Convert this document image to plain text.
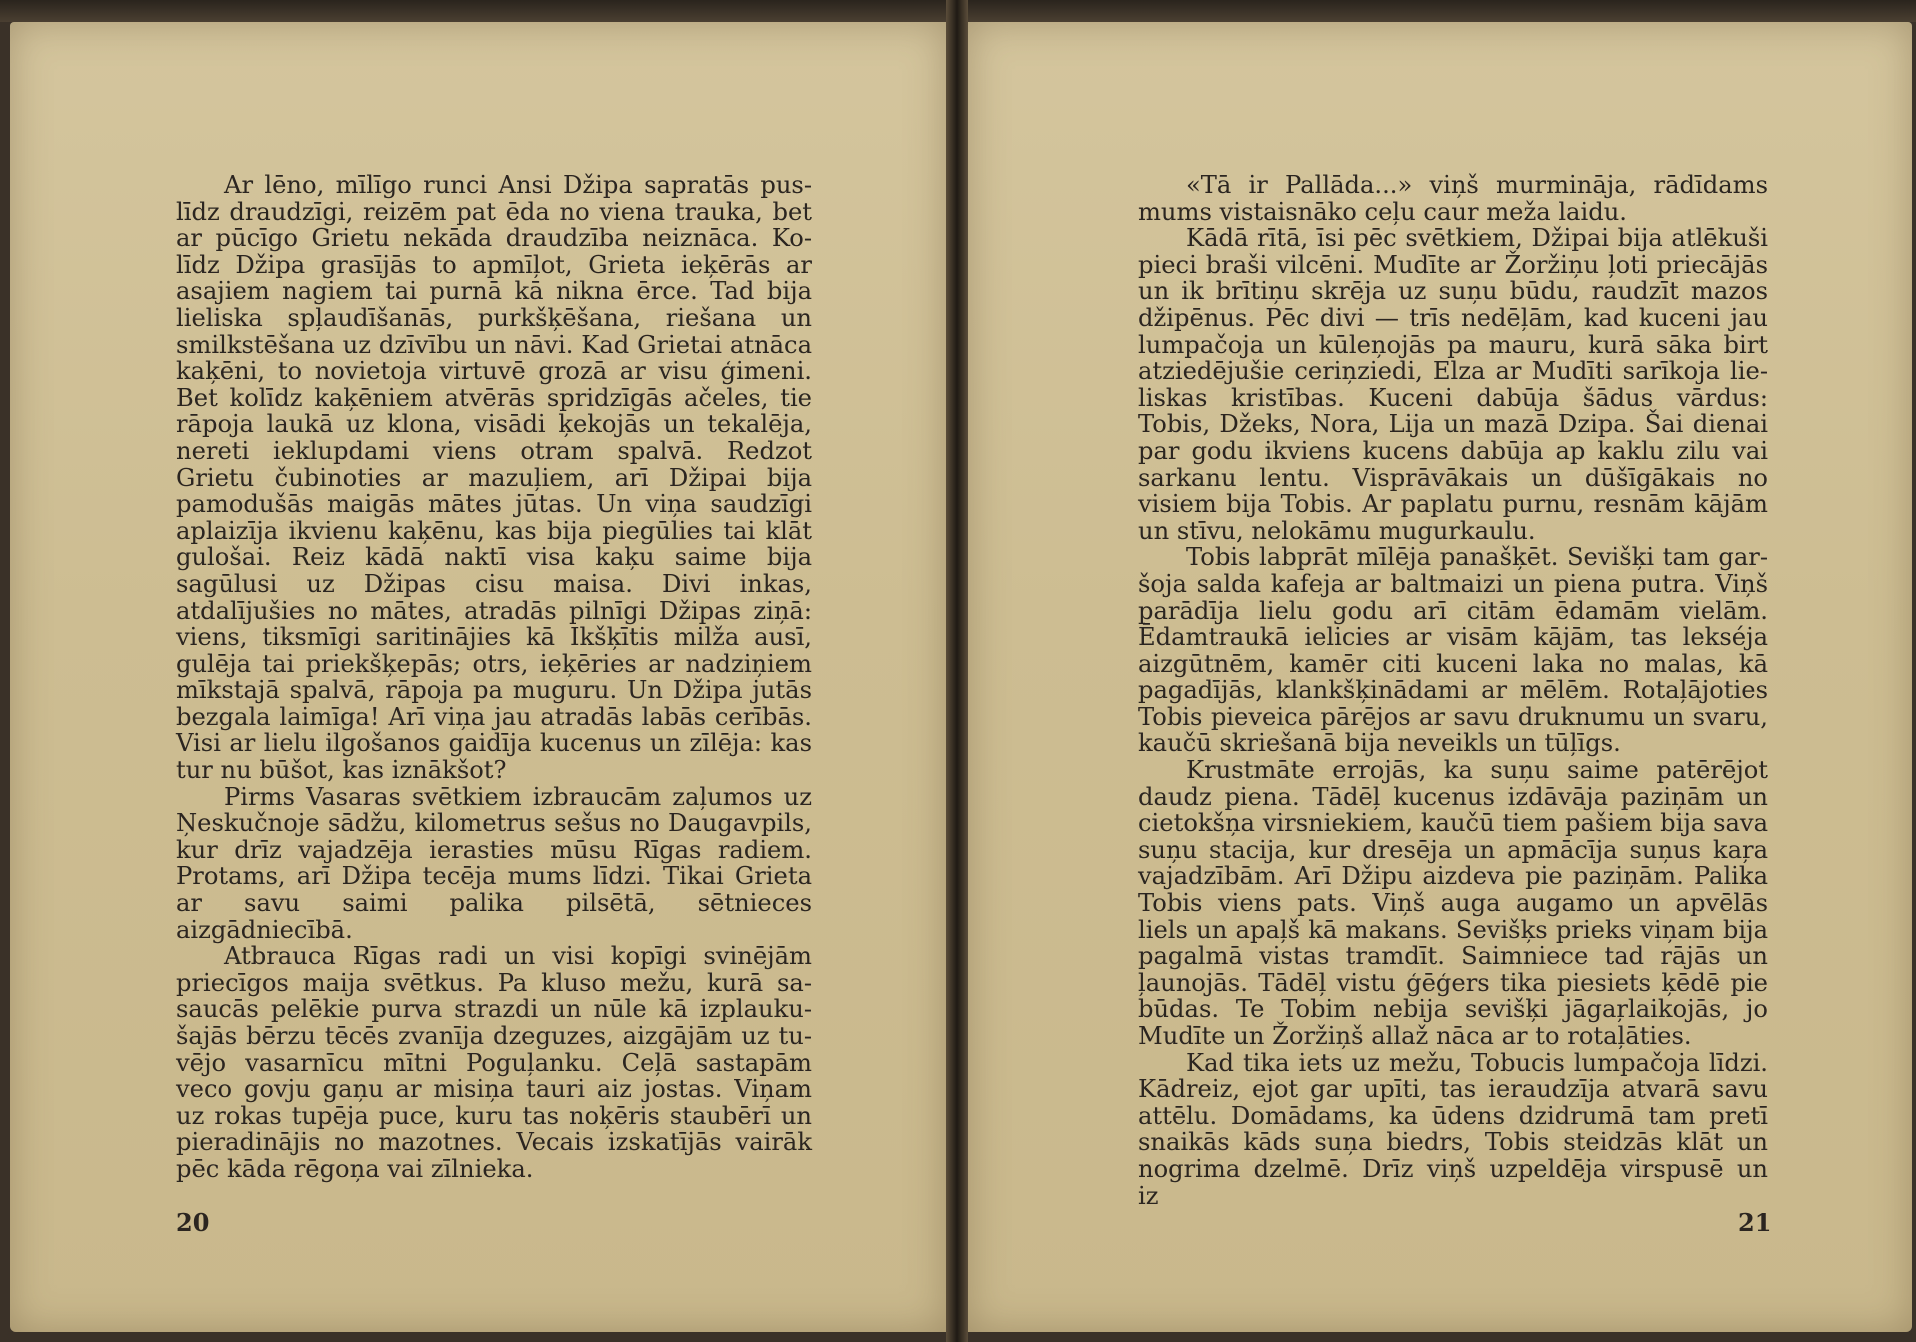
Ar lēno, mīlīgo runci Ansi Džipa sapratās puslīdz draudzīgi, reizēm pat ēda no viena trauka, bet ar pūcīgo Grietu nekāda draudzība neiznāca. Kolīdz Džipa grasījās to apmīļot, Grieta ieķērās ar asajiem nagiem tai purnā kā nikna ērce. Tad bija lieliska spļaudīšanās, purkšķēšana, riešana un smilkstēšana uz dzīvību un nāvi. Kad Grietai atnāca kaķēni, to novietoja virtuvē grozā ar visu ģimeni. Bet kolīdz kaķēniem atvērās spridzīgās ačeles, tie rāpoja laukā uz klona, visādi ķekojās un tekalēja, nereti ieklupdami viens otram spalvā. Redzot Grietu čubinoties ar mazuļiem, arī Džipai bija pamodušās maigās mātes jūtas. Un viņa saudzīgi aplaizīja ikvienu kaķēnu, kas bija piegūlies tai klāt gulošai. Reiz kādā naktī visa kaķu saime bija sagūlusi uz Džipas cisu maisa. Divi inkas, atdalījušies no mātes, atradās pilnīgi Džipas ziņā: viens, tiksmīgi saritinājies kā Ikšķītis milža ausī, gulēja tai priekšķepās; otrs, ieķēries ar nadziņiem mīkstajā spalvā, rāpoja pa muguru. Un Džipa jutās bezgala laimīga! Arī viņa jau atradās labās cerībās. Visi ar lielu ilgošanos gaidīja kucenus un zīlēja: kas tur nu būšot, kas iznākšot?

Pirms Vasaras svētkiem izbraucām zaļumos uz Ņeskučnoje sādžu, kilometrus sešus no Daugavpils, kur drīz vajadzēja ierasties mūsu Rīgas radiem. Protams, arī Džipa tecēja mums līdzi. Tikai Grieta ar savu saimi palika pilsētā, sētnieces aizgādniecībā.

Atbrauca Rīgas radi un visi kopīgi svinējām priecīgos maija svētkus. Pa kluso mežu, kurā sasaucās pelēkie purva strazdi un nūle kā izplaukušajās bērzu tēcēs zvanīja dzeguzes, aizgājām uz tuvējo vasarnīcu mītni Poguļanku. Ceļā sastapām veco govju gaņu ar misiņa tauri aiz jostas. Viņam uz rokas tupēja puce, kuru tas noķēris staubērī un pieradinājis no mazotnes. Vecais izskatījās vairāk pēc kāda rēgoņa vai zīlnieka.

20

«Tā ir Pallāda...» viņš murmināja, rādīdams mums vistaisnāko ceļu caur meža laidu.

Kādā rītā, īsi pēc svētkiem, Džipai bija atlēkuši pieci braši vilcēni. Mudīte ar Žoržiņu ļoti priecājās un ik brītiņu skrēja uz suņu būdu, raudzīt mazos džipēnus. Pēc divi — trīs nedēļām, kad kuceni jau lumpačoja un kūleņojās pa mauru, kurā sāka birt atziedējušie ceriņziedi, Elza ar Mudīti sarīkoja lieliskas kristības. Kuceni dabūja šādus vārdus: Tobis, Džeks, Nora, Lija un mazā Dzipa. Šai dienai par godu ikviens kucens dabūja ap kaklu zilu vai sarkanu lentu. Visprāvākais un dūšīgākais no visiem bija Tobis. Ar paplatu purnu, resnām kājām un stīvu, nelokāmu mugurkaulu.

Tobis labprāt mīlēja panašķēt. Sevišķi tam garšoja salda kafeja ar baltmaizi un piena putra. Viņš parādīja lielu godu arī citām ēdamām vielām. Ēdamtraukā ielicies ar visām kājām, tas lekséja aizgūtnēm, kamēr citi kuceni laka no malas, kā pagadījās, klankšķinādami ar mēlēm. Rotaļājoties Tobis pieveica pārējos ar savu druknumu un svaru, kaučū skriešanā bija neveikls un tūļīgs.

Krustmāte errojās, ka suņu saime patērējot daudz piena. Tādēļ kucenus izdāvāja paziņām un cietokšņa virsniekiem, kaučū tiem pašiem bija sava suņu stacija, kur dresēja un apmācīja suņus kaŗa vajadzībām. Arī Džipu aizdeva pie paziņām. Palika Tobis viens pats. Viņš auga augamo un apvēlās liels un apaļš kā makans. Sevišķs prieks viņam bija pagalmā vistas tramdīt. Saimniece tad rājās un ļaunojās. Tādēļ vistu ģēģers tika piesiets ķēdē pie būdas. Te Tobim nebija sevišķi jāgaŗlaikojās, jo Mudīte un Žoržiņš allaž nāca ar to rotaļāties.

Kad tika iets uz mežu, Tobucis lumpačoja līdzi. Kādreiz, ejot gar upīti, tas ieraudzīja atvarā savu attēlu. Domādams, ka ūdens dzidrumā tam pretī snaikās kāds suņa biedrs, Tobis steidzās klāt un nogrima dzelmē. Drīz viņš uzpeldēja virspusē un iz

21
